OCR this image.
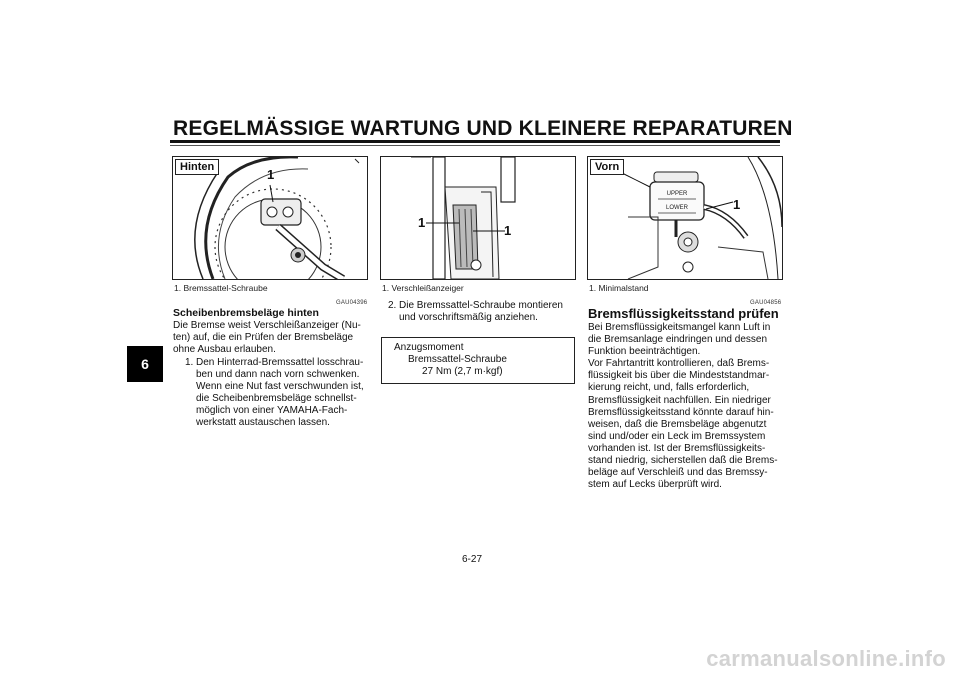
REGELMÄSSIGE WARTUNG UND KLEINERE REPARATUREN
6
Hinten	1
1. Bremssattel-Schraube
1
1
1. Verschleißanzeiger
UPPER
LOWER
Vorn
1
1. Minimalstand
GAU04396
Scheibenbremsbeläge hinten

Die Bremse weist Verschleißanzeiger (Nu-

ten) auf, die ein Prüfen der Bremsbeläge

ohne Ausbau erlauben.

1. Den Hinterrad-Bremssattel losschrau-

ben und dann nach vorn schwenken.

Wenn eine Nut fast verschwunden ist,

die Scheibenbremsbeläge schnellst-

möglich von einer YAMAHA-Fach-

werkstatt austauschen lassen.

2. Die Bremssattel-Schraube montieren

und vorschriftsmäßig anziehen.

Anzugsmoment
Bremssattel-Schraube
27 Nm (2,7 m·kgf)
GAU04856
Bremsflüssigkeitsstand prüfen

Bei Bremsflüssigkeitsmangel kann Luft in

die Bremsanlage eindringen und dessen

Funktion beeinträchtigen.

Vor Fahrtantritt kontrollieren, daß Brems-

flüssigkeit bis über die Mindeststandmar-

kierung reicht, und, falls erforderlich,

Bremsflüssigkeit nachfüllen. Ein niedriger

Bremsflüssigkeitsstand könnte darauf hin-

weisen, daß die Bremsbeläge abgenutzt

sind und/oder ein Leck im Bremssystem

vorhanden ist. Ist der Bremsflüssigkeits-

stand niedrig, sicherstellen daß die Brems-

beläge auf Verschleiß und das Bremssy-

stem auf Lecks überprüft wird.

6-27
carmanualsonline.info
